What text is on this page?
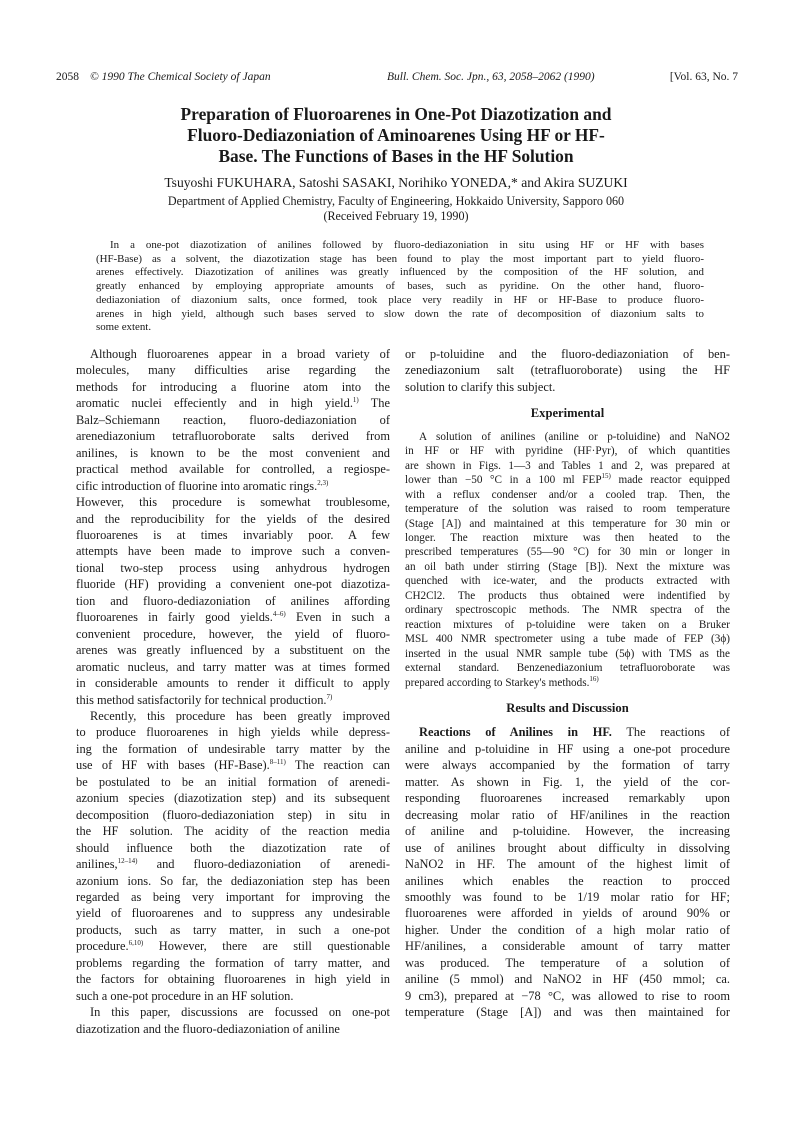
2058 © 1990 The Chemical Society of Japan	Bull. Chem. Soc. Jpn., 63, 2058–2062 (1990)	[Vol. 63, No. 7
Preparation of Fluoroarenes in One-Pot Diazotization and
Fluoro-Dediazoniation of Aminoarenes Using HF or HF-
Base. The Functions of Bases in the HF Solution
Tsuyoshi FUKUHARA, Satoshi SASAKI, Norihiko YONEDA,* and Akira SUZUKI
Department of Applied Chemistry, Faculty of Engineering, Hokkaido University, Sapporo 060
(Received February 19, 1990)
In a one-pot diazotization of anilines followed by fluoro-dediazoniation in situ using HF or HF with bases
(HF-Base) as a solvent, the diazotization stage has been found to play the most important part to yield fluoro-
arenes effectively. Diazotization of anilines was greatly influenced by the composition of the HF solution, and
greatly enhanced by employing appropriate amounts of bases, such as pyridine. On the other hand, fluoro-
dediazoniation of diazonium salts, once formed, took place very readily in HF or HF-Base to produce fluoro-
arenes in high yield, although such bases served to slow down the rate of decomposition of diazonium salts to
some extent.
Although fluoroarenes appear in a broad variety of
molecules, many difficulties arise regarding the
methods for introducing a fluorine atom into the
aromatic nuclei effeciently and in high yield.$^{1)}$ The
Balz–Schiemann reaction, fluoro-dediazoniation of
arenediazonium tetrafluoroborate salts derived from
anilines, is known to be the most convenient and
practical method available for controlled, a regiospe-
cific introduction of fluorine into aromatic rings.$^{2,3)}$
However, this procedure is somewhat troublesome,
and the reproducibility for the yields of the desired
fluoroarenes is at times invariably poor. A few
attempts have been made to improve such a conven-
tional two-step process using anhydrous hydrogen
fluoride (HF) providing a convenient one-pot diazotiza-
tion and fluoro-dediazoniation of anilines affording
fluoroarenes in fairly good yields.$^{4-6)}$ Even in such a
convenient procedure, however, the yield of fluoro-
arenes was greatly influenced by a substituent on the
aromatic nucleus, and tarry matter was at times formed
in considerable amounts to render it difficult to apply
this method satisfactorily for technical production.$^{7)}$
Recently, this procedure has been greatly improved
to produce fluoroarenes in high yields while depress-
ing the formation of undesirable tarry matter by the
use of HF with bases (HF-Base).$^{8-11)}$ The reaction can
be postulated to be an initial formation of arenedi-
azonium species (diazotization step) and its subsequent
decomposition (fluoro-dediazoniation step) in situ in
the HF solution. The acidity of the reaction media
should influence both the diazotization rate of
anilines,$^{12-14)}$ and fluoro-dediazoniation of arenedi-
azonium ions. So far, the dediazoniation step has been
regarded as being very important for improving the
yield of fluoroarenes and to suppress any undesirable
products, such as tarry matter, in such a one-pot
procedure.$^{6,10)}$ However, there are still questionable
problems regarding the formation of tarry matter, and
the factors for obtaining fluoroarenes in high yield in
such a one-pot procedure in an HF solution.
In this paper, discussions are focussed on one-pot
diazotization and the fluoro-dediazoniation of aniline
or p-toluidine and the fluoro-dediazoniation of ben-
zenediazonium salt (tetrafluoroborate) using the HF
solution to clarify this subject.
Experimental
A solution of anilines (aniline or p-toluidine) and NaNO2
in HF or HF with pyridine (HF·Pyr), of which quantities
are shown in Figs. 1—3 and Tables 1 and 2, was prepared at
lower than −50 °C in a 100 ml FEP$^{15)}$ made reactor equipped
with a reflux condenser and/or a cooled trap. Then, the
temperature of the solution was raised to room temperature
(Stage [A]) and maintained at this temperature for 30 min or
longer. The reaction mixture was then heated to the
prescribed temperatures (55—90 °C) for 30 min or longer in
an oil bath under stirring (Stage [B]). Next the mixture was
quenched with ice-water, and the products extracted with
CH2Cl2. The products thus obtained were indentified by
ordinary spectroscopic methods. The NMR spectra of the
reaction mixtures of p-toluidine were taken on a Bruker
MSL 400 NMR spectrometer using a tube made of FEP (3ϕ)
inserted in the usual NMR sample tube (5ϕ) with TMS as the
external standard. Benzenediazonium tetrafluoroborate was
prepared according to Starkey's methods.$^{16)}$
Results and Discussion
Reactions of Anilines in HF. The reactions of
aniline and p-toluidine in HF using a one-pot procedure
were always accompanied by the formation of tarry
matter. As shown in Fig. 1, the yield of the cor-
responding fluoroarenes increased remarkably upon
decreasing molar ratio of HF/anilines in the reaction
of aniline and p-toluidine. However, the increasing
use of anilines brought about difficulty in dissolving
NaNO2 in HF. The amount of the highest limit of
anilines which enables the reaction to procced
smoothly was found to be 1/19 molar ratio for HF;
fluoroarenes were afforded in yields of around 90% or
higher. Under the condition of a high molar ratio of
HF/anilines, a considerable amount of tarry matter
was produced. The temperature of a solution of
aniline (5 mmol) and NaNO2 in HF (450 mmol; ca.
9 cm3), prepared at −78 °C, was allowed to rise to room
temperature (Stage [A]) and was then maintained for
